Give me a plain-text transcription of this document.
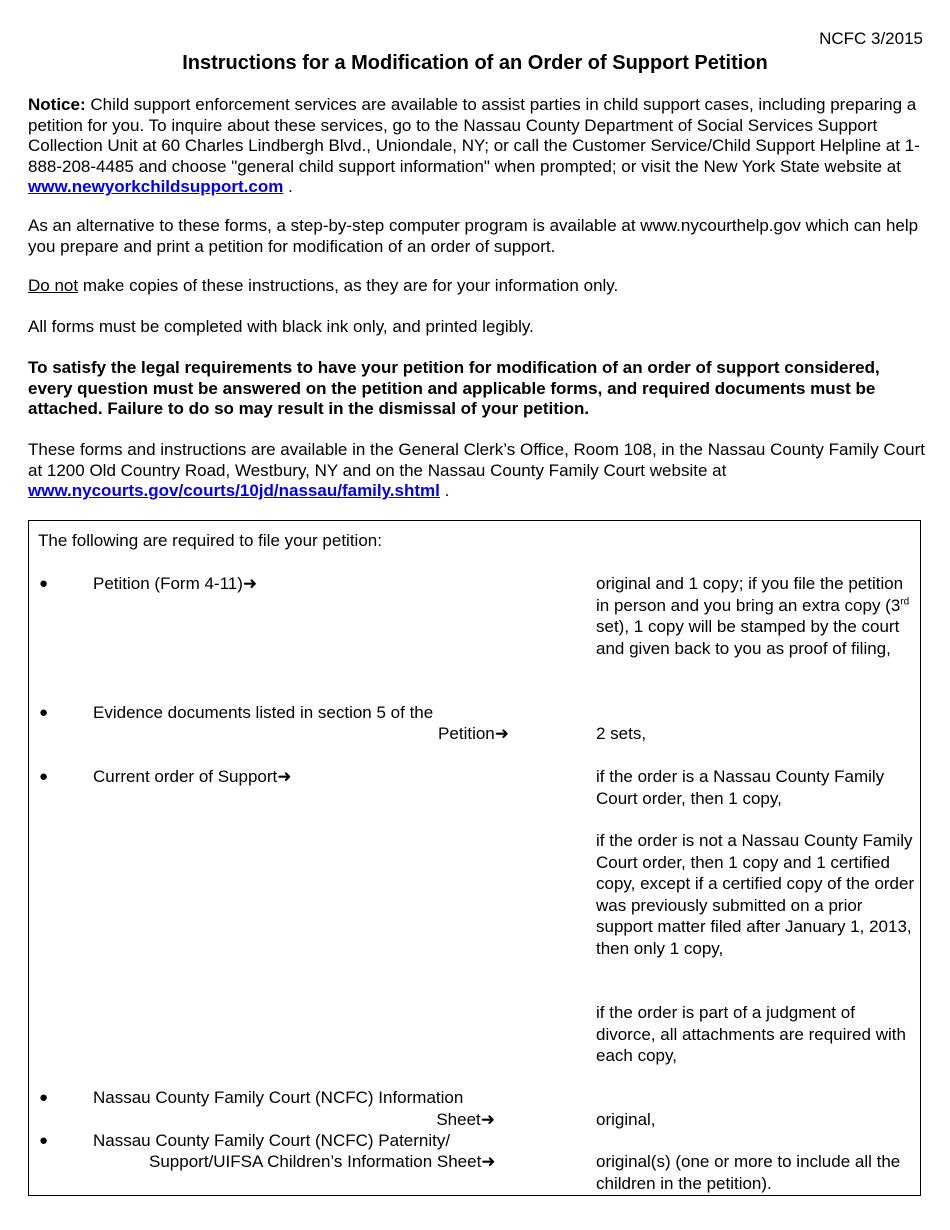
NCFC 3/2015
Instructions for a Modification of an Order of Support Petition

Notice: Child support enforcement services are available to assist parties in child support cases, including preparing a petition for you. To inquire about these services, go to the Nassau County Department of Social Services Support Collection Unit at 60 Charles Lindbergh Blvd., Uniondale, NY; or call the Customer Service/Child Support Helpline at 1-888-208-4485 and choose "general child support information" when prompted; or visit the New York State website at www.newyorkchildsupport.com .

As an alternative to these forms, a step-by-step computer program is available at www.nycourthelp.gov which can help you prepare and print a petition for modification of an order of support.

Do not make copies of these instructions, as they are for your information only.

All forms must be completed with black ink only, and printed legibly.

To satisfy the legal requirements to have your petition for modification of an order of support considered, every question must be answered on the petition and applicable forms, and required documents must be attached. Failure to do so may result in the dismissal of your petition.

These forms and instructions are available in the General Clerk’s Office, Room 108, in the Nassau County Family Court at 1200 Old Country Road, Westbury, NY and on the Nassau County Family Court website at www.nycourts.gov/courts/10jd/nassau/family.shtml .

The following are required to file your petition:

●	Petition (Form 4-11)➜	original and 1 copy; if you file the petition in person and you bring an extra copy (3rd set), 1 copy will be stamped by the court and given back to you as proof of filing,

●	Evidence documents listed in section 5 of the
Petition➜	2 sets,

●	Current order of Support➜	if the order is a Nassau County Family Court order, then 1 copy,

if the order is not a Nassau County Family Court order, then 1 copy and 1 certified copy, except if a certified copy of the order was previously submitted on a prior support matter filed after January 1, 2013, then only 1 copy,

if the order is part of a judgment of divorce, all attachments are required with each copy,

●	Nassau County Family Court (NCFC) Information
Sheet➜	original,

●	Nassau County Family Court (NCFC) Paternity/
Support/UIFSA Children’s Information Sheet➜	original(s) (one or more to include all the children in the petition).
